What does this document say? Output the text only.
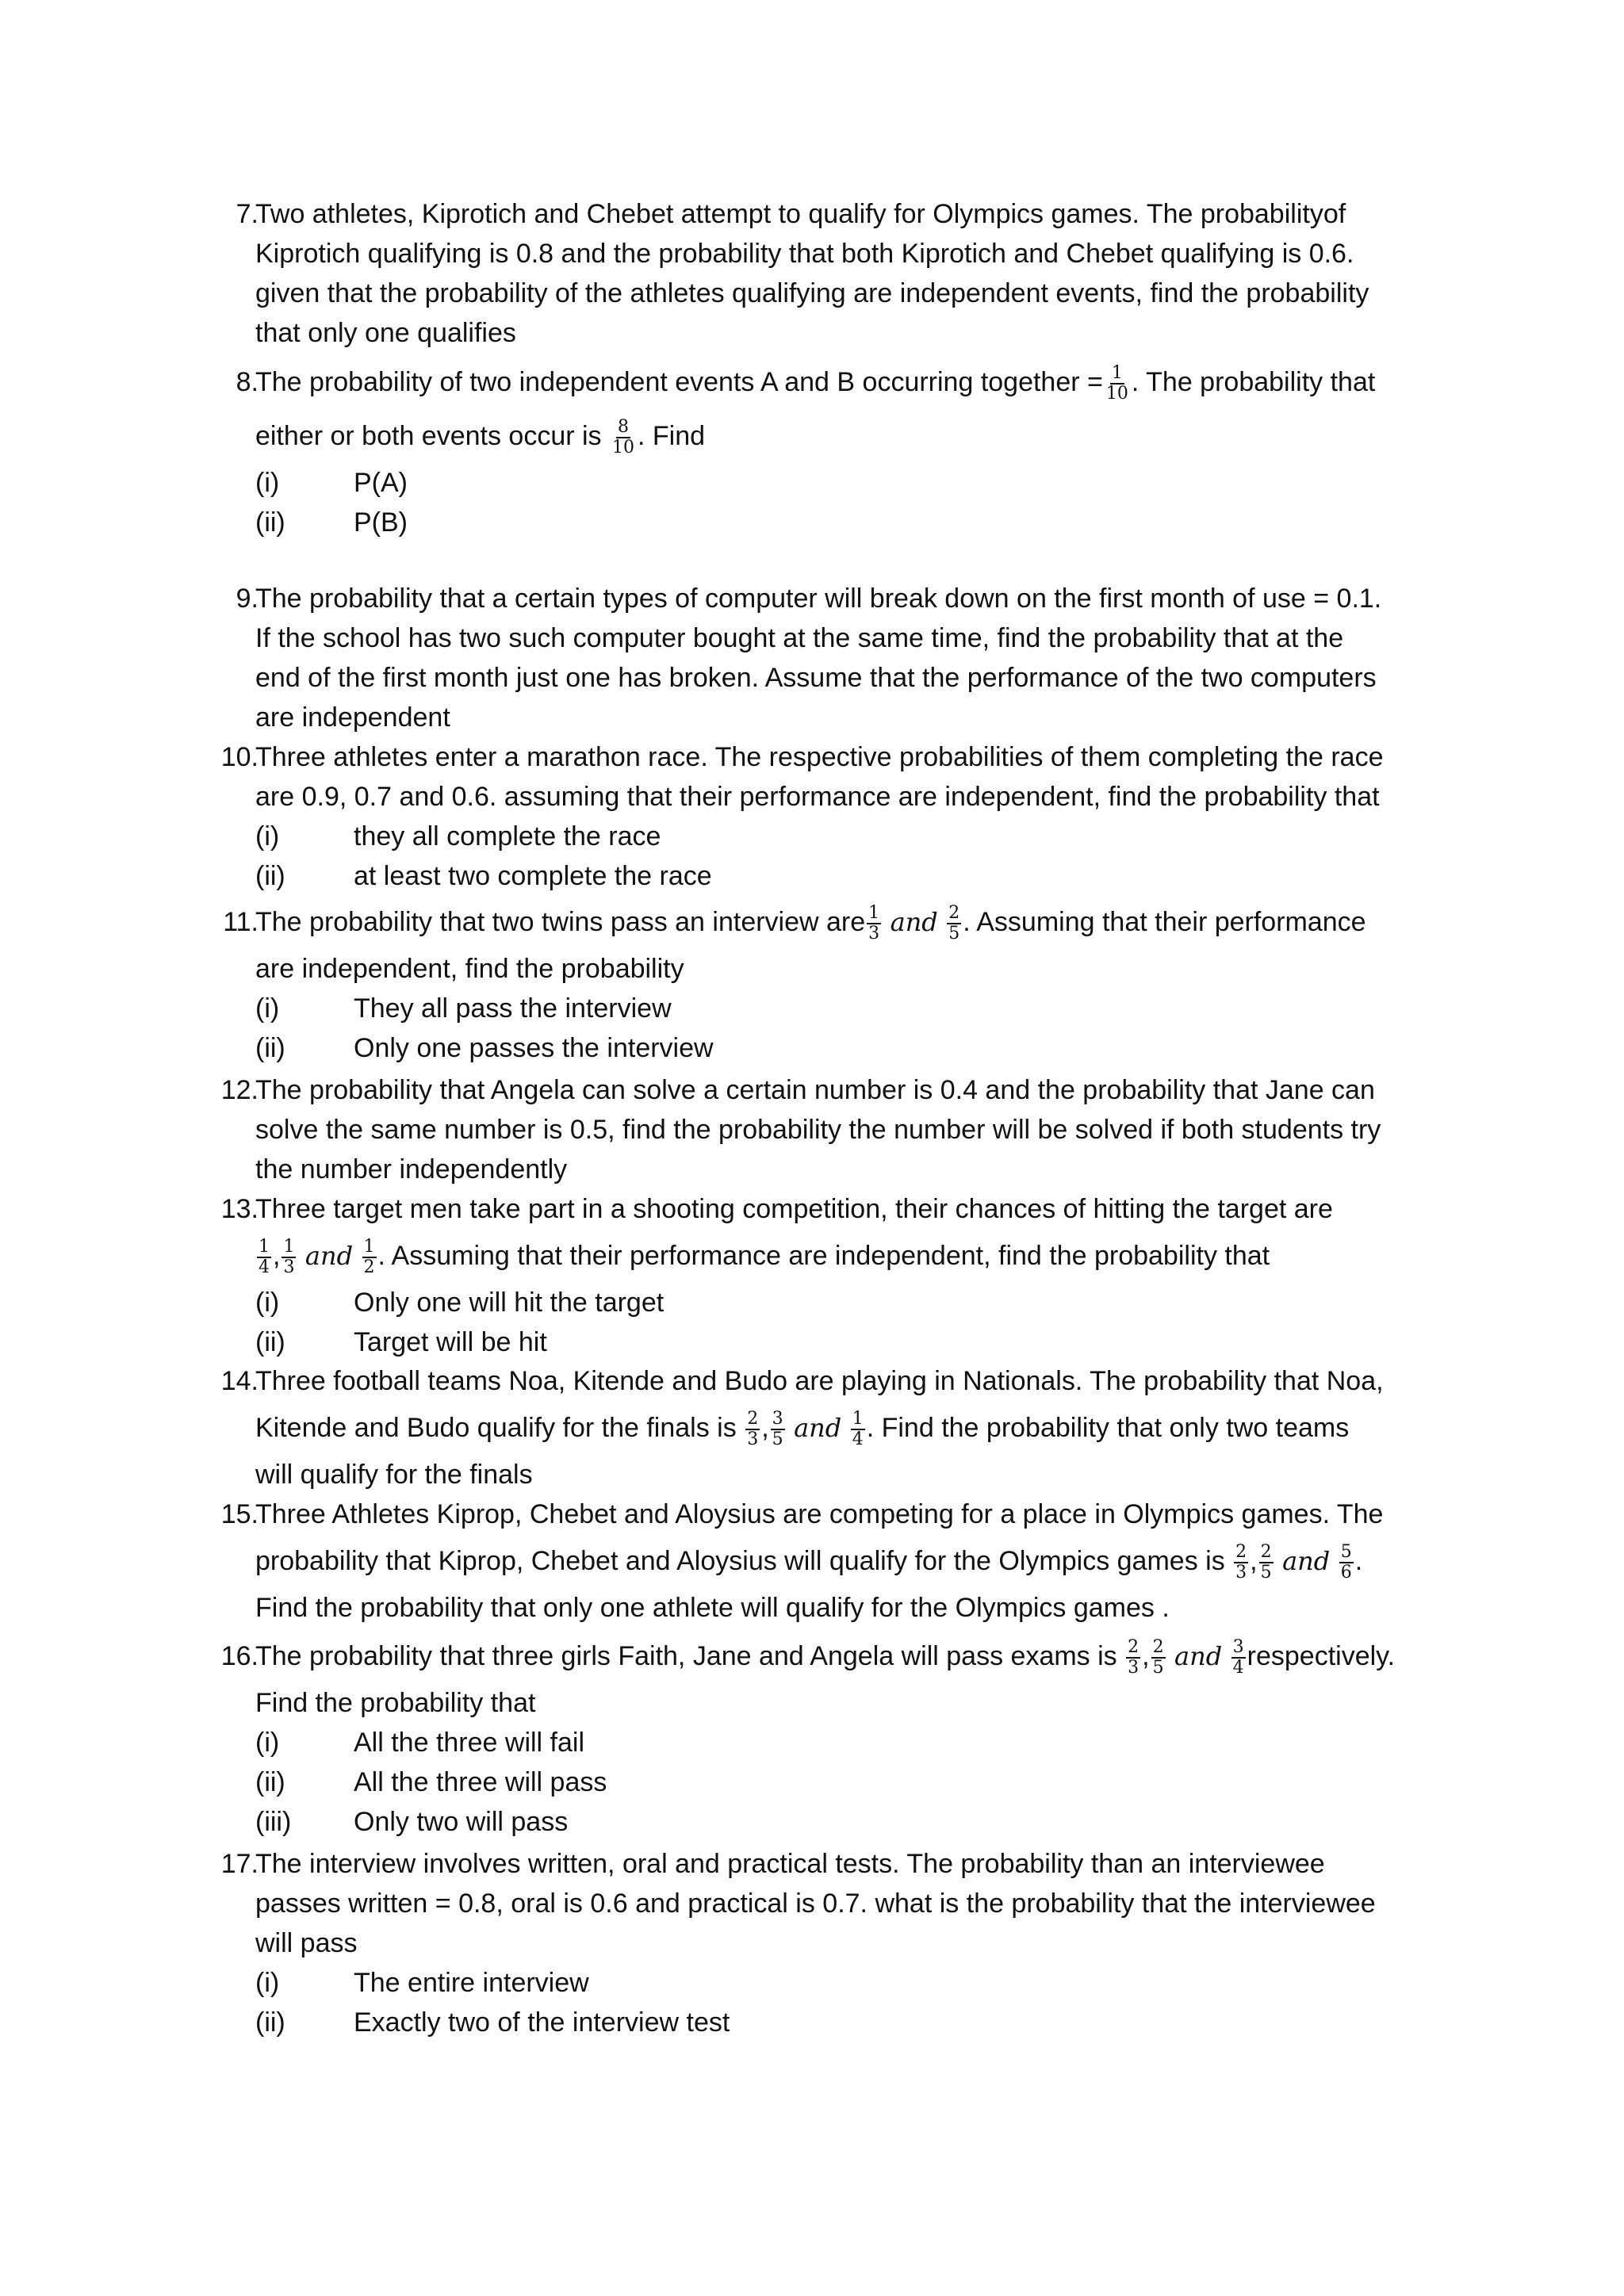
7.
Two athletes, Kiprotich and Chebet attempt to qualify for Olympics games. The probabilityof
Kiprotich qualifying is 0.8 and the probability that both Kiprotich and Chebet qualifying is 0.6.
given that the probability of the athletes qualifying are independent events, find the probability
that only one qualifies
8.
The probability of two independent events A and B occurring together = $\frac{1}{10}$ . The probability that
either or both events occur is $\frac{8}{10}$ . Find
(i)	P(A)
(ii)	P(B)
9.
The probability that a certain types of computer will break down on the first month of use = 0.1.
If the school has two such computer bought at the same time, find the probability that at the
end of the first month just one has broken. Assume that the performance of the two computers
are independent
10.
Three athletes enter a marathon race. The respective probabilities of them completing the race
are 0.9, 0.7 and 0.6. assuming that their performance are independent, find the probability that
(i)	they all complete the race
(ii)	at least two complete the race
11.
The probability that two twins pass an interview are $\frac{1}{3}$ and $\frac{2}{5}$ . Assuming that their performance
are independent, find the probability
(i)	They all pass the interview
(ii)	Only one passes the interview
12.
The probability that Angela can solve a certain number is 0.4 and the probability that Jane can
solve the same number is 0.5, find the probability the number will be solved if both students try
the number independently
13.
Three target men take part in a shooting competition, their chances of hitting the target are
$\frac{1}{4}$ , $\frac{1}{3}$ and $\frac{1}{2}$ . Assuming that their performance are independent, find the probability that
(i)	Only one will hit the target
(ii)	Target will be hit
14.
Three football teams Noa, Kitende and Budo are playing in Nationals. The probability that Noa,
Kitende and Budo qualify for the finals is $\frac{2}{3}$ , $\frac{3}{5}$ and $\frac{1}{4}$ . Find the probability that only two teams
will qualify for the finals
15.
Three Athletes Kiprop, Chebet and Aloysius are competing for a place in Olympics games. The
probability that Kiprop, Chebet and Aloysius will qualify for the Olympics games is $\frac{2}{3}$ , $\frac{2}{5}$ and $\frac{5}{6}$ .
Find the probability that only one athlete will qualify for the Olympics games .
16.
The probability that three girls Faith, Jane and Angela will pass exams is $\frac{2}{3}$ , $\frac{2}{5}$ and $\frac{3}{4}$ respectively.
Find the probability that
(i)	All the three will fail
(ii)	All the three will pass
(iii) Only two will pass
17.
The interview involves written, oral and practical tests. The probability than an interviewee
passes written = 0.8, oral is 0.6 and practical is 0.7. what is the probability that the interviewee
will pass
(i)	The entire interview
(ii)	Exactly two of the interview test
